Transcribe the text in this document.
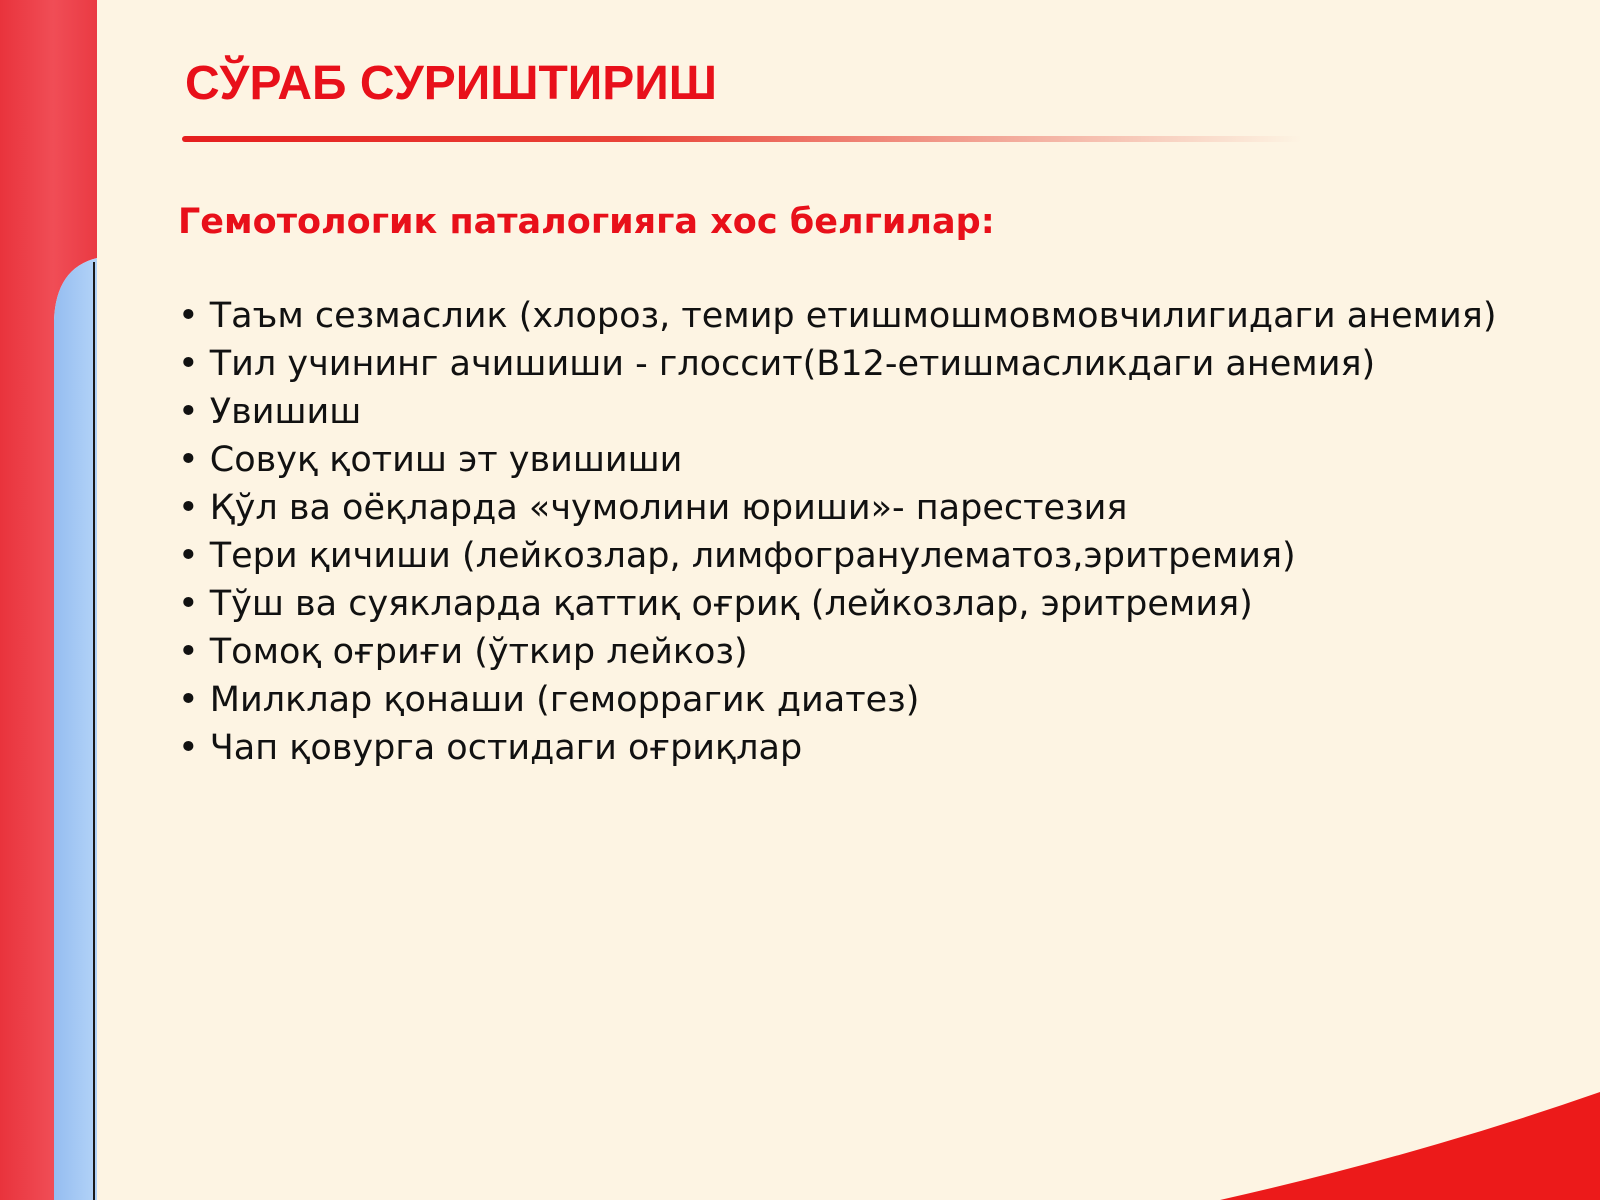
СЎРАБ СУРИШТИРИШ

Гемотологик паталогияга хос белгилар:

• Таъм сезмаслик (хлороз, темир етишмошмовмовчилигидаги анемия)
• Тил учининг ачишиши - глоссит(В12-етишмасликдаги анемия)
• Увишиш
• Совуқ қотиш эт увишиши
• Қўл ва оёқларда «чумолини юриши»- парестезия
• Тери қичиши (лейкозлар, лимфогранулематоз,эритремия)
• Тўш ва суякларда қаттиқ оғриқ (лейкозлар, эритремия)
• Томоқ оғриғи (ўткир лейкоз)
• Милклар қонаши (геморрагик диатез)
• Чап қовурга остидаги оғриқлар
